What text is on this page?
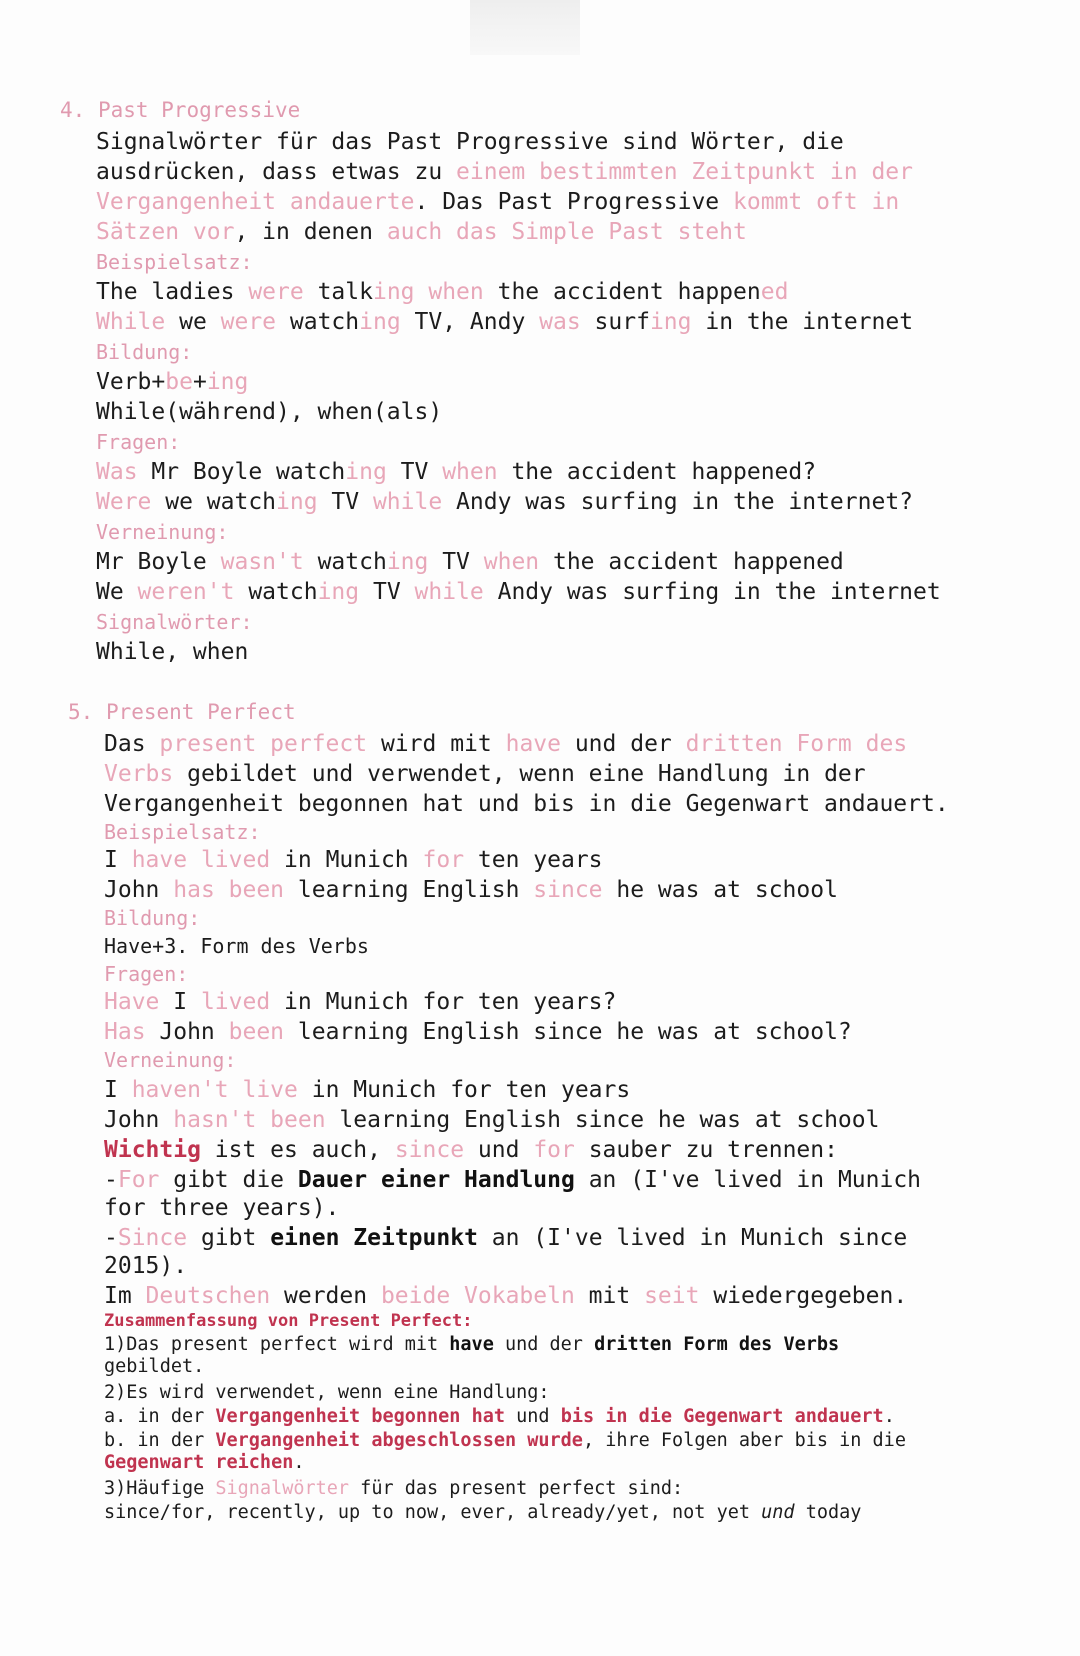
4. Past Progressive
Signalwörter für das Past Progressive sind Wörter, die
ausdrücken, dass etwas zu einem bestimmten Zeitpunkt in der
Vergangenheit andauerte. Das Past Progressive kommt oft in
Sätzen vor, in denen auch das Simple Past steht
Beispielsatz:
The ladies were talking when the accident happened
While we were watching TV, Andy was surfing in the internet
Bildung:
Verb+be+ing
While(während), when(als)
Fragen:
Was Mr Boyle watching TV when the accident happened?
Were we watching TV while Andy was surfing in the internet?
Verneinung:
Mr Boyle wasn't watching TV when the accident happened
We weren't watching TV while Andy was surfing in the internet
Signalwörter:
While, when
5. Present Perfect
Das present perfect wird mit have und der dritten Form des
Verbs gebildet und verwendet, wenn eine Handlung in der
Vergangenheit begonnen hat und bis in die Gegenwart andauert.
Beispielsatz:
I have lived in Munich for ten years
John has been learning English since he was at school
Bildung:
Have+3. Form des Verbs
Fragen:
Have I lived in Munich for ten years?
Has John been learning English since he was at school?
Verneinung:
I haven't live in Munich for ten years
John hasn't been learning English since he was at school
Wichtig ist es auch, since und for sauber zu trennen:
-For gibt die Dauer einer Handlung an (I've lived in Munich
for three years).
-Since gibt einen Zeitpunkt an (I've lived in Munich since
2015).
Im Deutschen werden beide Vokabeln mit seit wiedergegeben.
Zusammenfassung von Present Perfect:
1)Das present perfect wird mit have und der dritten Form des Verbs
gebildet.
2)Es wird verwendet, wenn eine Handlung:
a. in der Vergangenheit begonnen hat und bis in die Gegenwart andauert.
b. in der Vergangenheit abgeschlossen wurde, ihre Folgen aber bis in die
Gegenwart reichen.
3)Häufige Signalwörter für das present perfect sind:
since/for, recently, up to now, ever, already/yet, not yet und today
